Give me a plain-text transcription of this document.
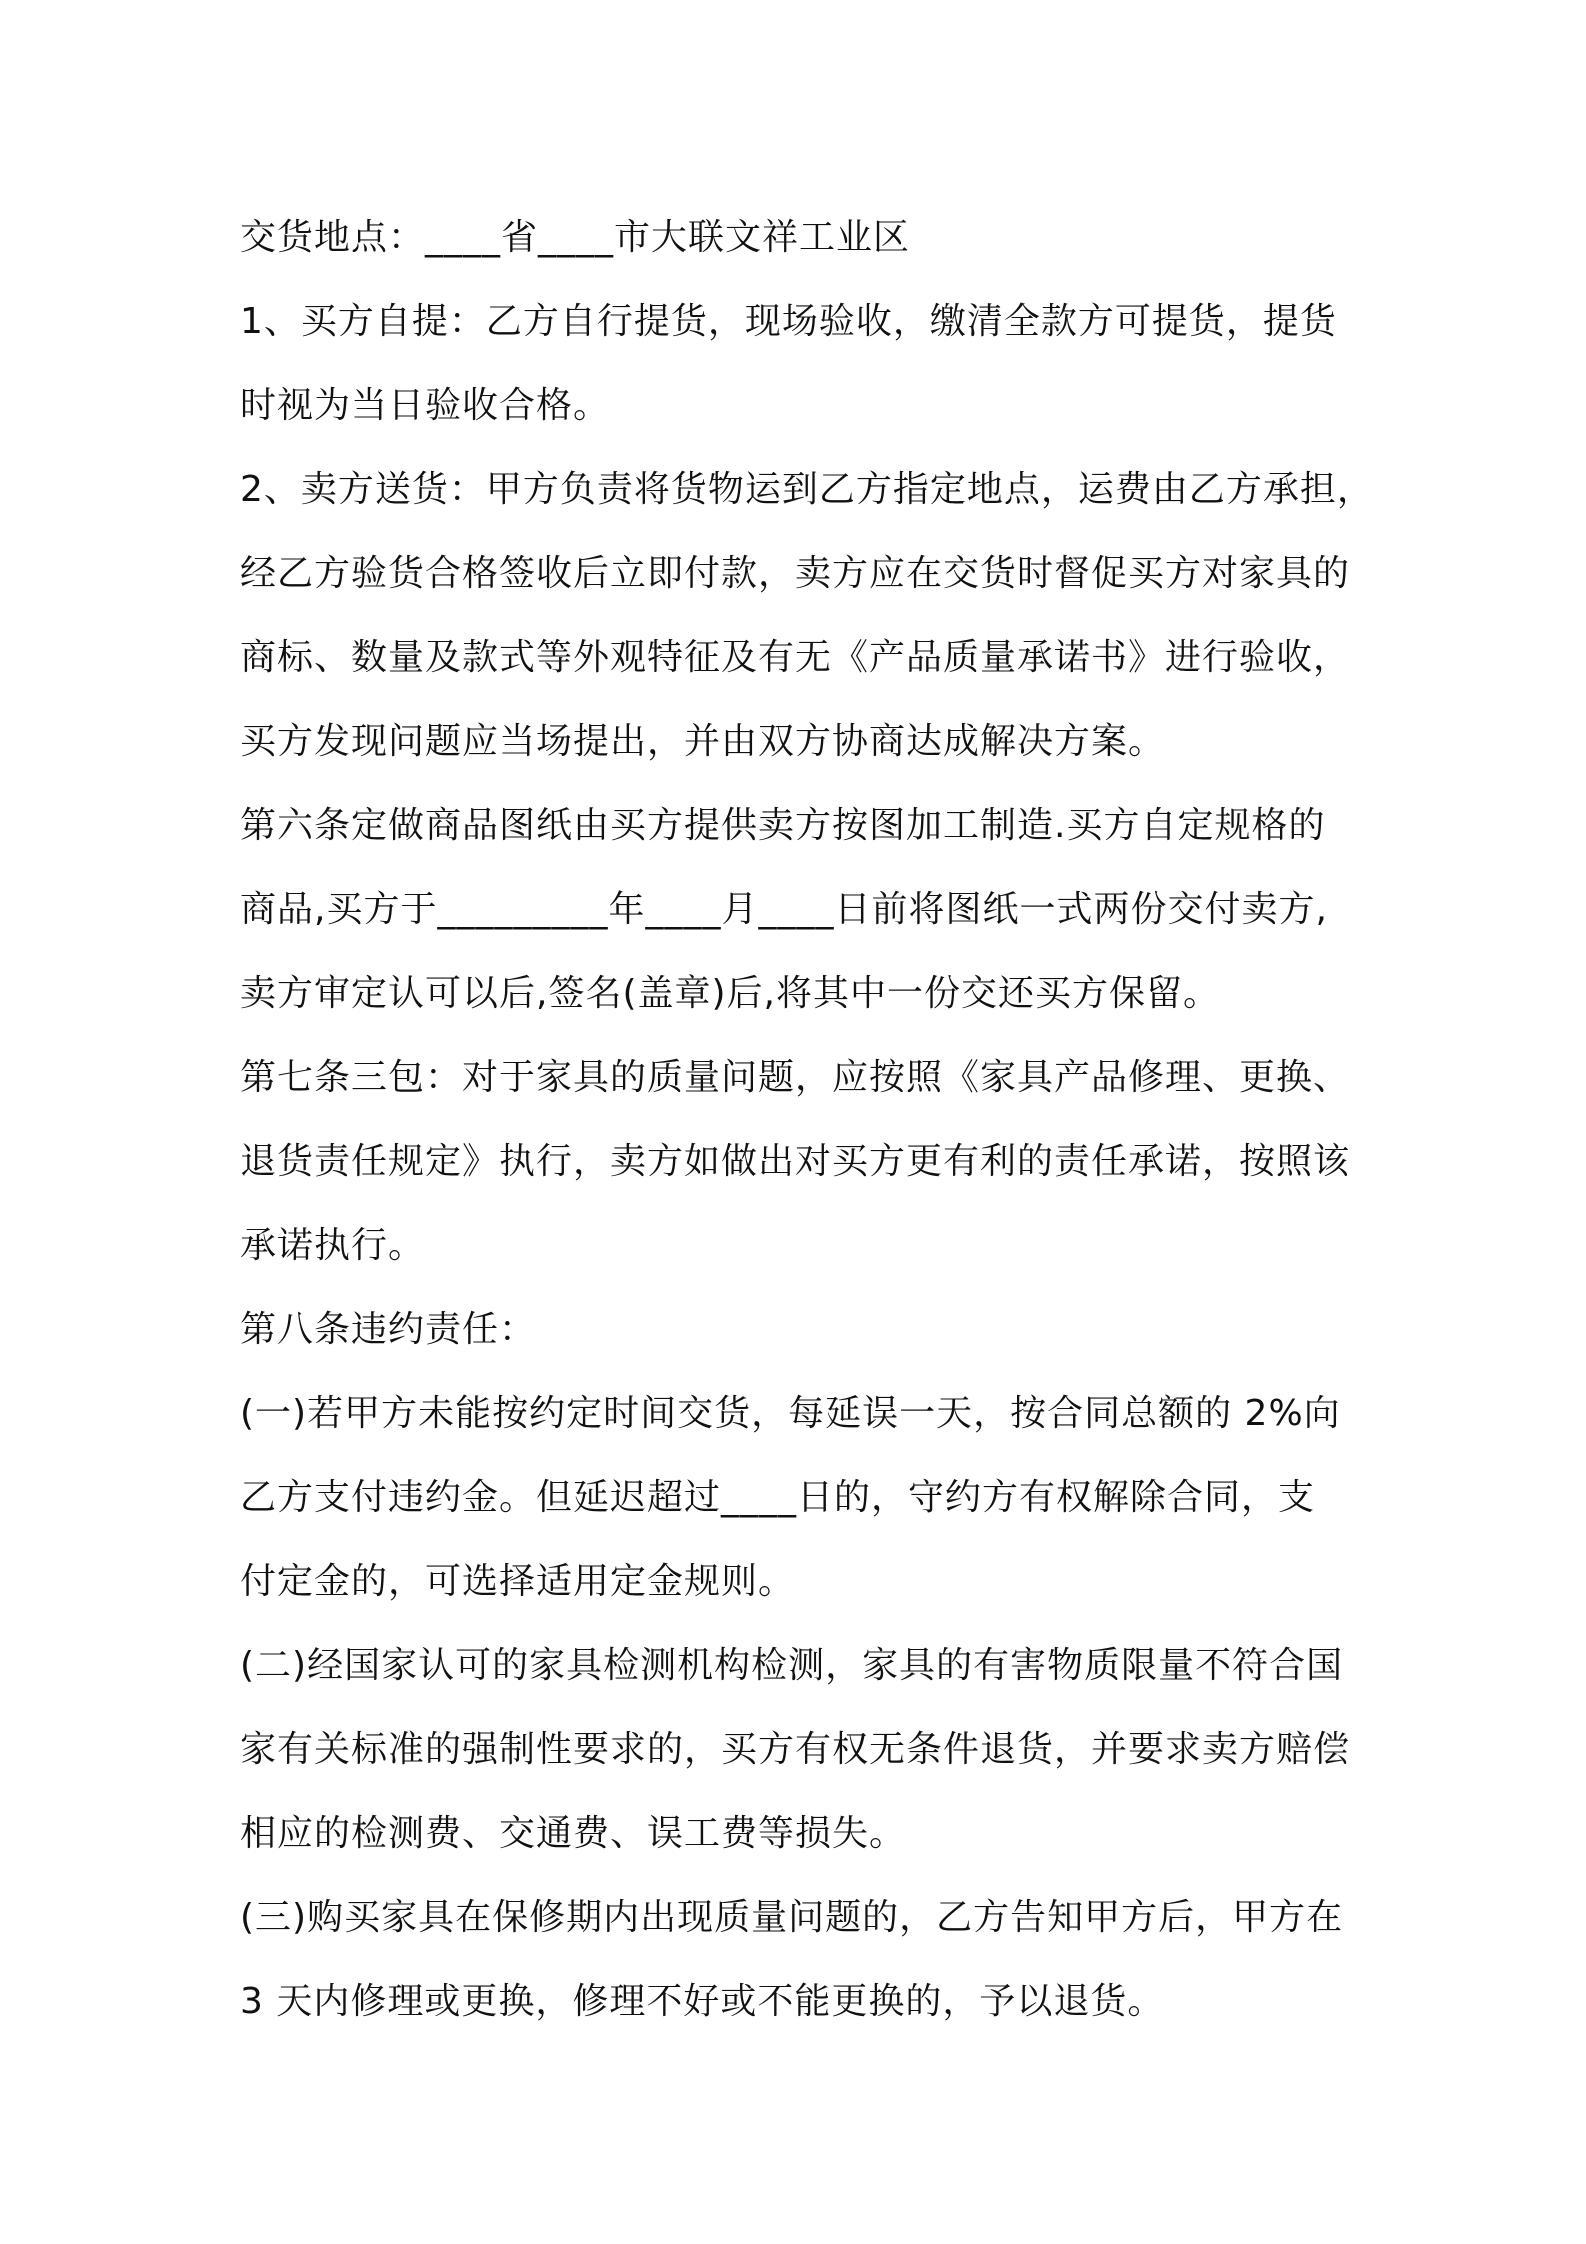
交货地点：____省____市大联文祥工业区
1、买方自提：乙方自行提货，现场验收，缴清全款方可提货，提货
时视为当日验收合格。
2、卖方送货：甲方负责将货物运到乙方指定地点，运费由乙方承担，
经乙方验货合格签收后立即付款，卖方应在交货时督促买方对家具的
商标、数量及款式等外观特征及有无《产品质量承诺书》进行验收，
买方发现问题应当场提出，并由双方协商达成解决方案。
第六条定做商品图纸由买方提供卖方按图加工制造.买方自定规格的
商品,买方于_________年____月____日前将图纸一式两份交付卖方,
卖方审定认可以后,签名(盖章)后,将其中一份交还买方保留。
第七条三包：对于家具的质量问题，应按照《家具产品修理、更换、
退货责任规定》执行，卖方如做出对买方更有利的责任承诺，按照该
承诺执行。
第八条违约责任：
(一)若甲方未能按约定时间交货，每延误一天，按合同总额的 2%向
乙方支付违约金。但延迟超过____日的，守约方有权解除合同，支
付定金的，可选择适用定金规则。
(二)经国家认可的家具检测机构检测，家具的有害物质限量不符合国
家有关标准的强制性要求的，买方有权无条件退货，并要求卖方赔偿
相应的检测费、交通费、误工费等损失。
(三)购买家具在保修期内出现质量问题的，乙方告知甲方后，甲方在
3 天内修理或更换，修理不好或不能更换的，予以退货。
